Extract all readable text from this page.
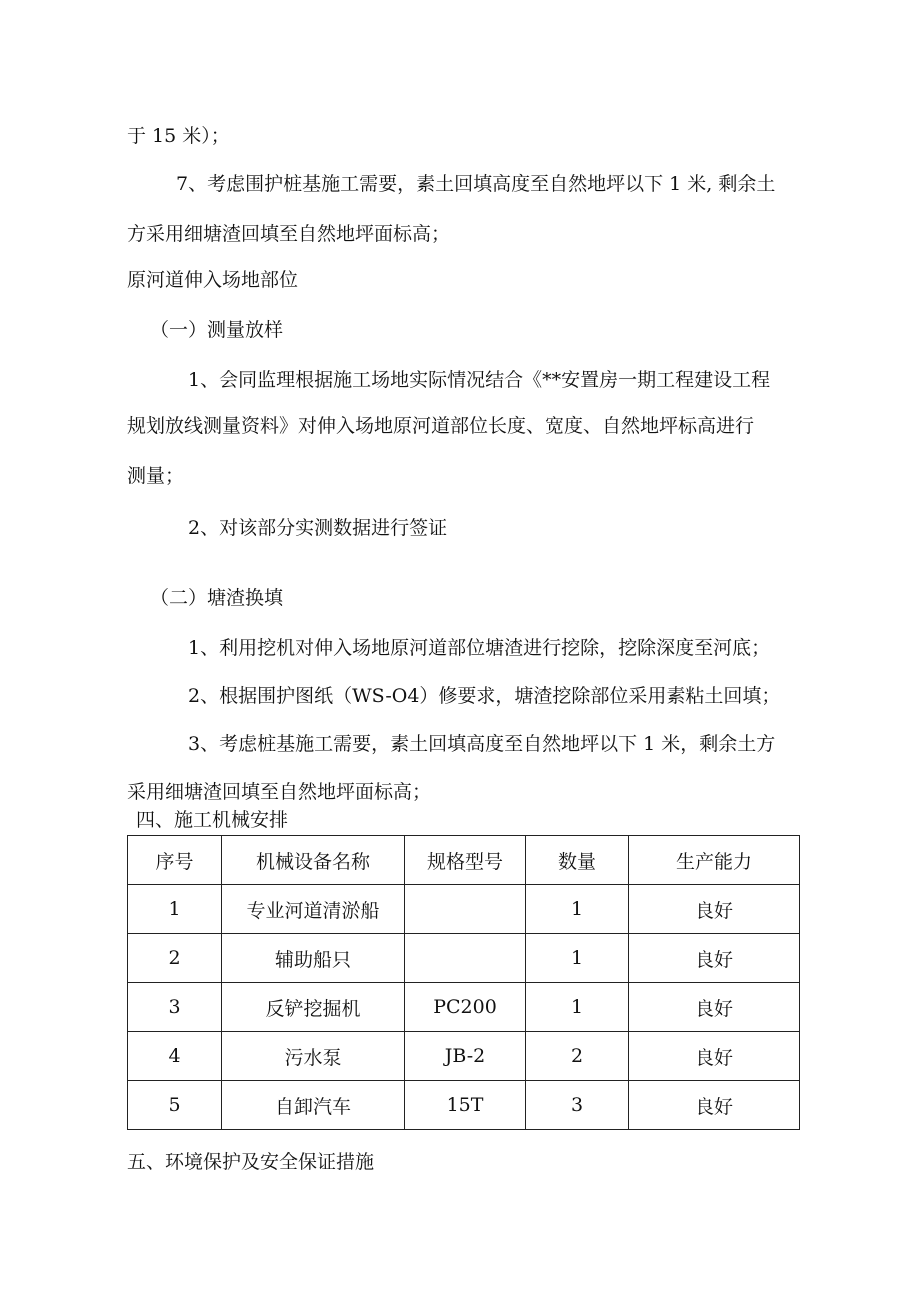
于 15 米）；
7、考虑围护桩基施工需要，素土回填高度至自然地坪以下 1 米, 剩余土
方采用细塘渣回填至自然地坪面标高；
原河道伸入场地部位
（一）测量放样
1、会同监理根据施工场地实际情况结合《**安置房一期工程建设工程
规划放线测量资料》对伸入场地原河道部位长度、宽度、自然地坪标高进行
测量；
2、对该部分实测数据进行签证
（二）塘渣换填
1、利用挖机对伸入场地原河道部位塘渣进行挖除，挖除深度至河底；
2、根据围护图纸（WS-O4）修要求，塘渣挖除部位采用素粘土回填；
3、考虑桩基施工需要，素土回填高度至自然地坪以下 1 米，剩余土方
采用细塘渣回填至自然地坪面标高；
四、施工机械安排
序号	机械设备名称	规格型号	数量	生产能力
1	专业河道清淤船		1	良好
2	辅助船只		1	良好
3	反铲挖掘机	PC200	1	良好
4	污水泵	JB-2	2	良好
5	自卸汽车	15T	3	良好
五、环境保护及安全保证措施
